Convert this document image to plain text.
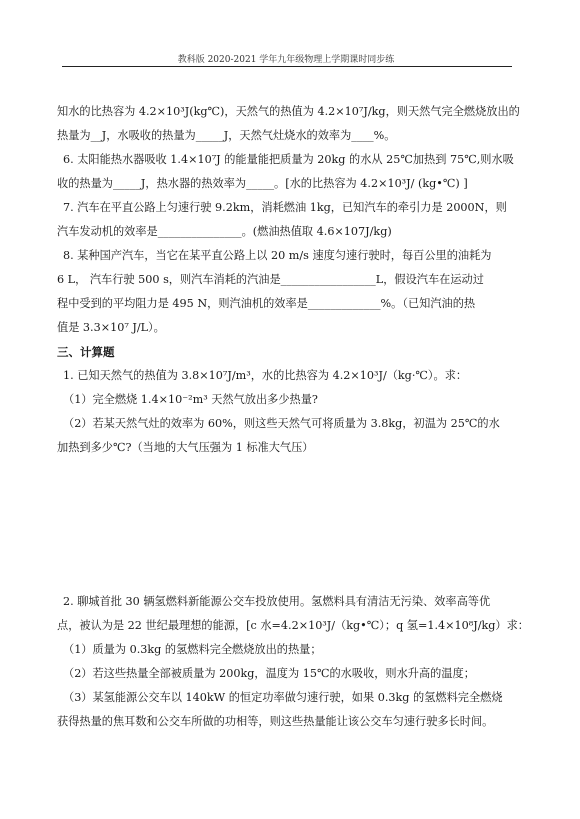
教科版 2020-2021 学年九年级物理上学期课时同步练
知水的比热容为 4.2×10³J(kg℃)，天然气的热值为 4.2×10⁷J/kg，则天然气完全燃烧放出的
热量为__J，水吸收的热量为_____J，天然气灶烧水的效率为____%。
6. 太阳能热水器吸收 1.4×10⁷J 的能量能把质量为 20kg 的水从 25℃加热到 75℃,则水吸
收的热量为_____J，热水器的热效率为_____。[水的比热容为 4.2×10³J/ (kg•℃) ]
7. 汽车在平直公路上匀速行驶 9.2km，消耗燃油 1kg，已知汽车的牵引力是 2000N，则
汽车发动机的效率是_______________。(燃油热值取 4.6×107J/kg)
8. 某种国产汽车，当它在某平直公路上以 20 m/s 速度匀速行驶时，每百公里的油耗为
6 L， 汽车行驶 500 s，则汽车消耗的汽油是_________________L，假设汽车在运动过
程中受到的平均阻力是 495 N，则汽油机的效率是_____________%。（已知汽油的热
值是 3.3×10⁷ J/L）。
三、计算题
1. 已知天然气的热值为 3.8×10⁷J/m³，水的比热容为 4.2×10³J/（kg·℃）。求：
（1）完全燃烧 1.4×10⁻²m³ 天然气放出多少热量?
（2）若某天然气灶的效率为 60%，则这些天然气可将质量为 3.8kg，初温为 25℃的水
加热到多少℃?（当地的大气压强为 1 标准大气压）
2. 聊城首批 30 辆氢燃料新能源公交车投放使用。氢燃料具有清洁无污染、效率高等优
点，被认为是 22 世纪最理想的能源，[c 水=4.2×10³J/（kg•℃）；q 氢=1.4×10⁸J/kg）求：
（1）质量为 0.3kg 的氢燃料完全燃烧放出的热量；
（2）若这些热量全部被质量为 200kg，温度为 15℃的水吸收，则水升高的温度；
（3）某氢能源公交车以 140kW 的恒定功率做匀速行驶，如果 0.3kg 的氢燃料完全燃烧
获得热量的焦耳数和公交车所做的功相等，则这些热量能让该公交车匀速行驶多长时间。
